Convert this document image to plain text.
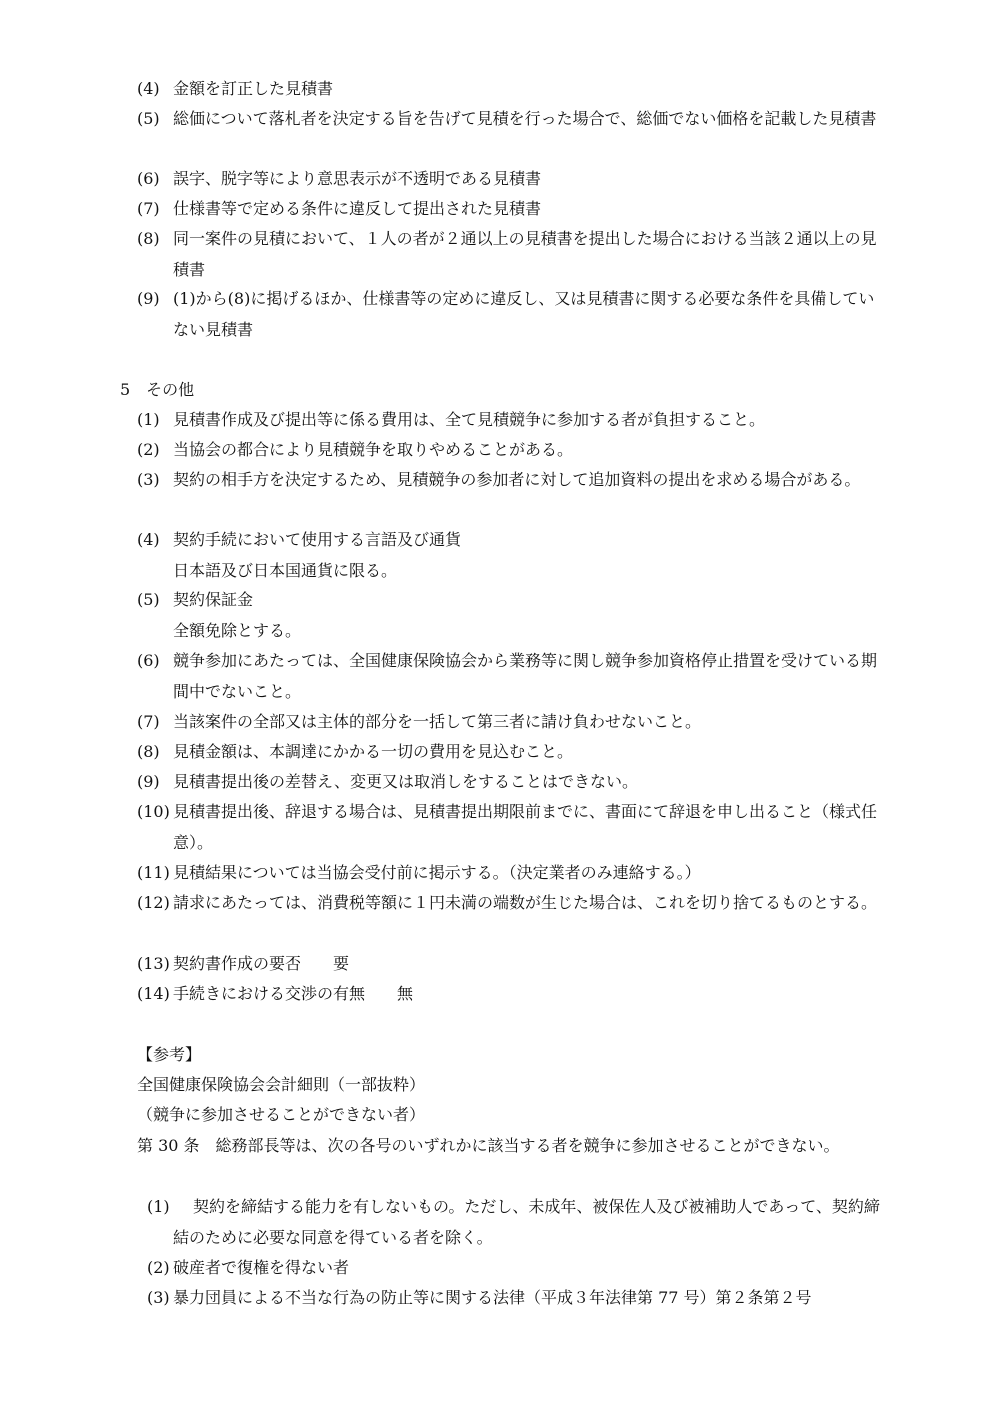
(4) 金額を訂正した見積書
(5) 総価について落札者を決定する旨を告げて見積を行った場合で、総価でない価格を記載した見積書
(6) 誤字、脱字等により意思表示が不透明である見積書
(7) 仕様書等で定める条件に違反して提出された見積書
(8) 同一案件の見積において、１人の者が２通以上の見積書を提出した場合における当該２通以上の見積書
(9) (1)から(8)に掲げるほか、仕様書等の定めに違反し、又は見積書に関する必要な条件を具備していない見積書
5　その他
(1) 見積書作成及び提出等に係る費用は、全て見積競争に参加する者が負担すること。
(2) 当協会の都合により見積競争を取りやめることがある。
(3) 契約の相手方を決定するため、見積競争の参加者に対して追加資料の提出を求める場合がある。
(4) 契約手続において使用する言語及び通貨
日本語及び日本国通貨に限る。
(5) 契約保証金
全額免除とする。
(6) 競争参加にあたっては、全国健康保険協会から業務等に関し競争参加資格停止措置を受けている期間中でないこと。
(7) 当該案件の全部又は主体的部分を一括して第三者に請け負わせないこと。
(8) 見積金額は、本調達にかかる一切の費用を見込むこと。
(9) 見積書提出後の差替え、変更又は取消しをすることはできない。
(10) 見積書提出後、辞退する場合は、見積書提出期限前までに、書面にて辞退を申し出ること（様式任意）。
(11) 見積結果については当協会受付前に掲示する。（決定業者のみ連絡する。）
(12) 請求にあたっては、消費税等額に１円未満の端数が生じた場合は、これを切り捨てるものとする。
(13) 契約書作成の要否　　要
(14) 手続きにおける交渉の有無　　無
【参考】
全国健康保険協会会計細則（一部抜粋）
（競争に参加させることができない者）
第 30 条　総務部長等は、次の各号のいずれかに該当する者を競争に参加させることができない。
(1)	契約を締結する能力を有しないもの。ただし、未成年、被保佐人及び被補助人であって、契約締結のために必要な同意を得ている者を除く。
(2) 破産者で復権を得ない者
(3) 暴力団員による不当な行為の防止等に関する法律（平成３年法律第 77 号）第２条第２号
